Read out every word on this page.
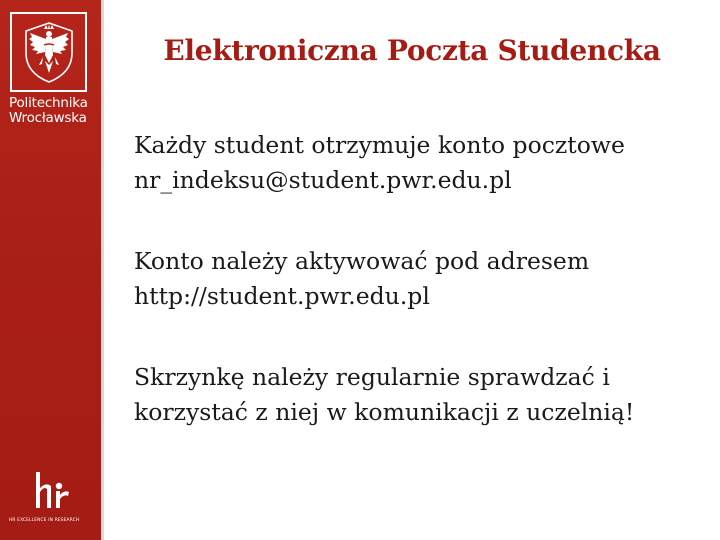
Politechnika
Wrocławska
HR EXCELLENCE IN RESEARCH
Elektroniczna Poczta Studencka
Każdy student otrzymuje konto pocztowe
nr_indeksu@student.pwr.edu.pl
Konto należy aktywować pod adresem
http://student.pwr.edu.pl
Skrzynkę należy regularnie sprawdzać i
korzystać z niej w komunikacji z uczelnią!
